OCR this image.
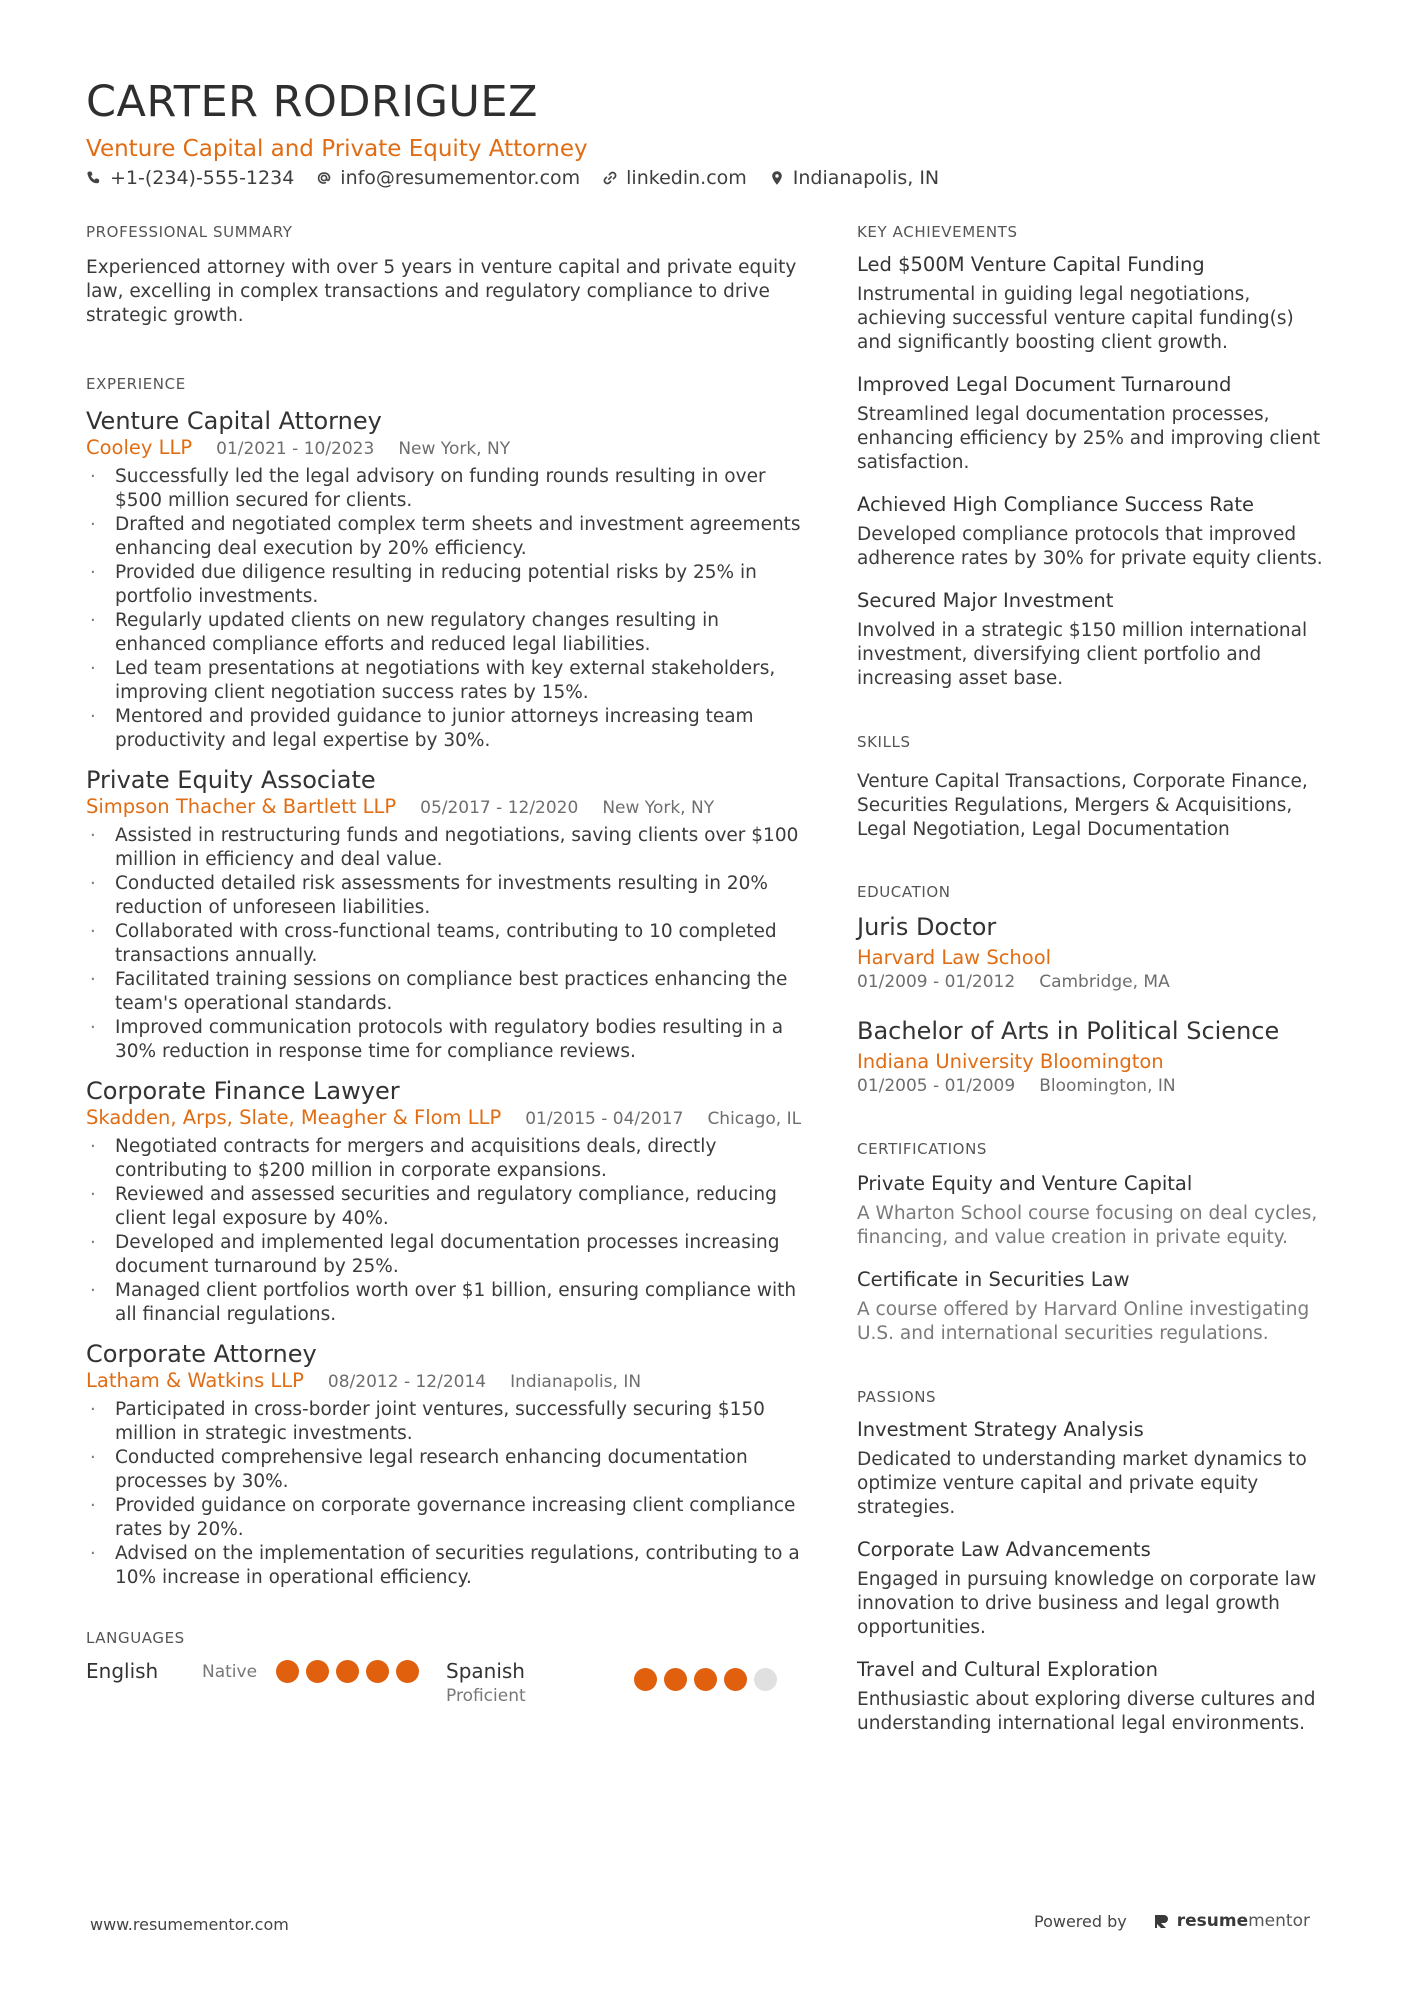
CARTER RODRIGUEZ
Venture Capital and Private Equity Attorney
+1-(234)-555-1234 info@resumementor.com linkedin.com Indianapolis, IN
PROFESSIONAL SUMMARY

Experienced attorney with over 5 years in venture capital and private equity law, excelling in complex transactions and regulatory compliance to drive strategic growth.

EXPERIENCE
Venture Capital Attorney
Cooley LLP 01/2021 - 10/2023 New York, NY
· Successfully led the legal advisory on funding rounds resulting in over $500 million secured for clients.
· Drafted and negotiated complex term sheets and investment agreements enhancing deal execution by 20% efficiency.
· Provided due diligence resulting in reducing potential risks by 25% in portfolio investments.
· Regularly updated clients on new regulatory changes resulting in enhanced compliance efforts and reduced legal liabilities.
· Led team presentations at negotiations with key external stakeholders, improving client negotiation success rates by 15%.
· Mentored and provided guidance to junior attorneys increasing team productivity and legal expertise by 30%.
Private Equity Associate
Simpson Thacher & Bartlett LLP 05/2017 - 12/2020 New York, NY
· Assisted in restructuring funds and negotiations, saving clients over $100 million in efficiency and deal value.
· Conducted detailed risk assessments for investments resulting in 20% reduction of unforeseen liabilities.
· Collaborated with cross-functional teams, contributing to 10 completed transactions annually.
· Facilitated training sessions on compliance best practices enhancing the team's operational standards.
· Improved communication protocols with regulatory bodies resulting in a 30% reduction in response time for compliance reviews.
Corporate Finance Lawyer
Skadden, Arps, Slate, Meagher & Flom LLP 01/2015 - 04/2017 Chicago, IL
· Negotiated contracts for mergers and acquisitions deals, directly contributing to $200 million in corporate expansions.
· Reviewed and assessed securities and regulatory compliance, reducing client legal exposure by 40%.
· Developed and implemented legal documentation processes increasing document turnaround by 25%.
· Managed client portfolios worth over $1 billion, ensuring compliance with all financial regulations.
Corporate Attorney
Latham & Watkins LLP 08/2012 - 12/2014 Indianapolis, IN
· Participated in cross-border joint ventures, successfully securing $150 million in strategic investments.
· Conducted comprehensive legal research enhancing documentation processes by 30%.
· Provided guidance on corporate governance increasing client compliance rates by 20%.
· Advised on the implementation of securities regulations, contributing to a 10% increase in operational efficiency.
LANGUAGES
English	Native	Spanish
Proficient
KEY ACHIEVEMENTS
Led $500M Venture Capital Funding

Instrumental in guiding legal negotiations, achieving successful venture capital funding(s) and significantly boosting client growth.

Improved Legal Document Turnaround

Streamlined legal documentation processes, enhancing efficiency by 25% and improving client satisfaction.

Achieved High Compliance Success Rate

Developed compliance protocols that improved adherence rates by 30% for private equity clients.

Secured Major Investment

Involved in a strategic $150 million international investment, diversifying client portfolio and increasing asset base.

SKILLS

Venture Capital Transactions, Corporate Finance, Securities Regulations, Mergers & Acquisitions, Legal Negotiation, Legal Documentation

EDUCATION
Juris Doctor
Harvard Law School
01/2009 - 01/2012 Cambridge, MA
Bachelor of Arts in Political Science
Indiana University Bloomington
01/2005 - 01/2009 Bloomington, IN
CERTIFICATIONS
Private Equity and Venture Capital

A Wharton School course focusing on deal cycles, financing, and value creation in private equity.

Certificate in Securities Law

A course offered by Harvard Online investigating U.S. and international securities regulations.

PASSIONS
Investment Strategy Analysis

Dedicated to understanding market dynamics to optimize venture capital and private equity strategies.

Corporate Law Advancements

Engaged in pursuing knowledge on corporate law innovation to drive business and legal growth opportunities.

Travel and Cultural Exploration

Enthusiastic about exploring diverse cultures and understanding international legal environments.

www.resumementor.com	Powered by	resume mentor
